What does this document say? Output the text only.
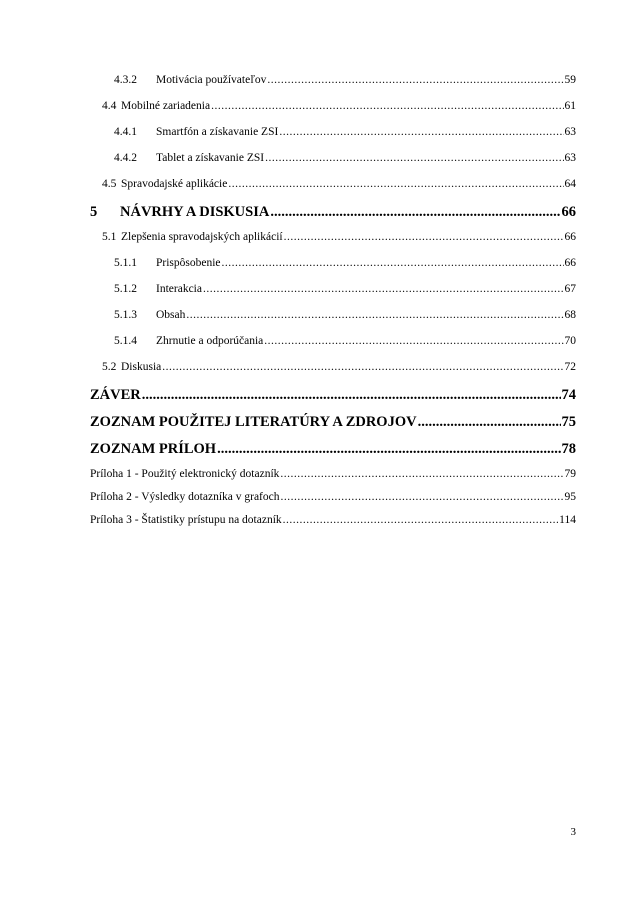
4.3.2	Motivácia používateľov .....	59
4.4 Mobilné zariadenia .....	61
4.4.1	Smartfón a získavanie ZSI .....	63
4.4.2	Tablet a získavanie ZSI .....	63
4.5 Spravodajské aplikácie .....	64
5	NÁVRHY A DISKUSIA .....	66
5.1 Zlepšenia spravodajských aplikácií .....	66
5.1.1	Prispôsobenie .....	66
5.1.2	Interakcia .....	67
5.1.3	Obsah .....	68
5.1.4	Zhrnutie a odporúčania .....	70
5.2 Diskusia .....	72
ZÁVER .....	74
ZOZNAM POUŽITEJ LITERATÚRY A ZDROJOV .....	75
ZOZNAM PRÍLOH .....	78
Príloha 1 - Použitý elektronický dotazník .....	79
Príloha 2 - Výsledky dotazníka v grafoch .....	95
Príloha 3 - Štatistiky prístupu na dotazník .....	114
3
